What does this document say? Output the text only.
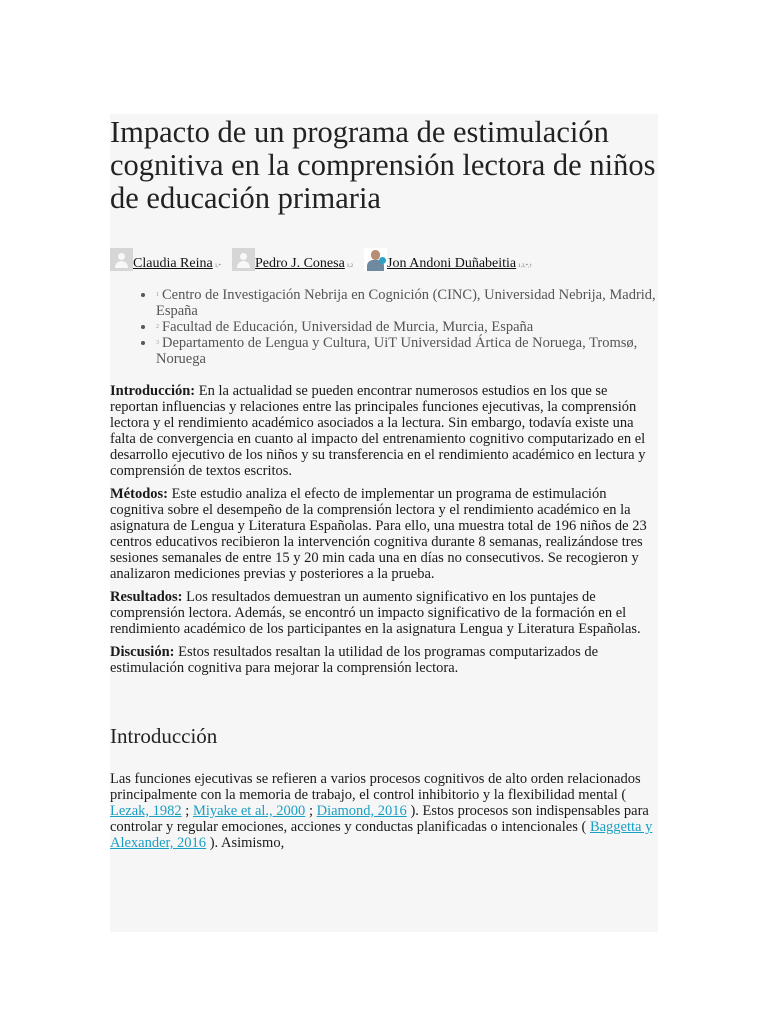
Impacto de un programa de estimulación cognitiva en la comprensión lectora de niños de educación primaria
Claudia Reina 1,* Pedro J. Conesa 1,2 Jon Andoni Duñabeitia 1,3,*,†
• $^1$ Centro de Investigación Nebrija en Cognición (CINC), Universidad Nebrija, Madrid, España
• $^2$ Facultad de Educación, Universidad de Murcia, Murcia, España
• $^3$ Departamento de Lengua y Cultura, UiT Universidad Ártica de Noruega, Tromsø, Noruega

Introducción: En la actualidad se pueden encontrar numerosos estudios en los que se reportan influencias y relaciones entre las principales funciones ejecutivas, la comprensión lectora y el rendimiento académico asociados a la lectura. Sin embargo, todavía existe una falta de convergencia en cuanto al impacto del entrenamiento cognitivo computarizado en el desarrollo ejecutivo de los niños y su transferencia en el rendimiento académico en lectura y comprensión de textos escritos.

Métodos: Este estudio analiza el efecto de implementar un programa de estimulación cognitiva sobre el desempeño de la comprensión lectora y el rendimiento académico en la asignatura de Lengua y Literatura Españolas. Para ello, una muestra total de 196 niños de 23 centros educativos recibieron la intervención cognitiva durante 8 semanas, realizándose tres sesiones semanales de entre 15 y 20 min cada una en días no consecutivos. Se recogieron y analizaron mediciones previas y posteriores a la prueba.

Resultados: Los resultados demuestran un aumento significativo en los puntajes de comprensión lectora. Además, se encontró un impacto significativo de la formación en el rendimiento académico de los participantes en la asignatura Lengua y Literatura Españolas.

Discusión: Estos resultados resaltan la utilidad de los programas computarizados de estimulación cognitiva para mejorar la comprensión lectora.

Introducción

Las funciones ejecutivas se refieren a varios procesos cognitivos de alto orden relacionados principalmente con la memoria de trabajo, el control inhibitorio y la flexibilidad mental ( Lezak, 1982 ; Miyake et al., 2000 ; Diamond, 2016 ). Estos procesos son indispensables para controlar y regular emociones, acciones y conductas planificadas o intencionales ( Baggetta y Alexander, 2016 ). Asimismo,
